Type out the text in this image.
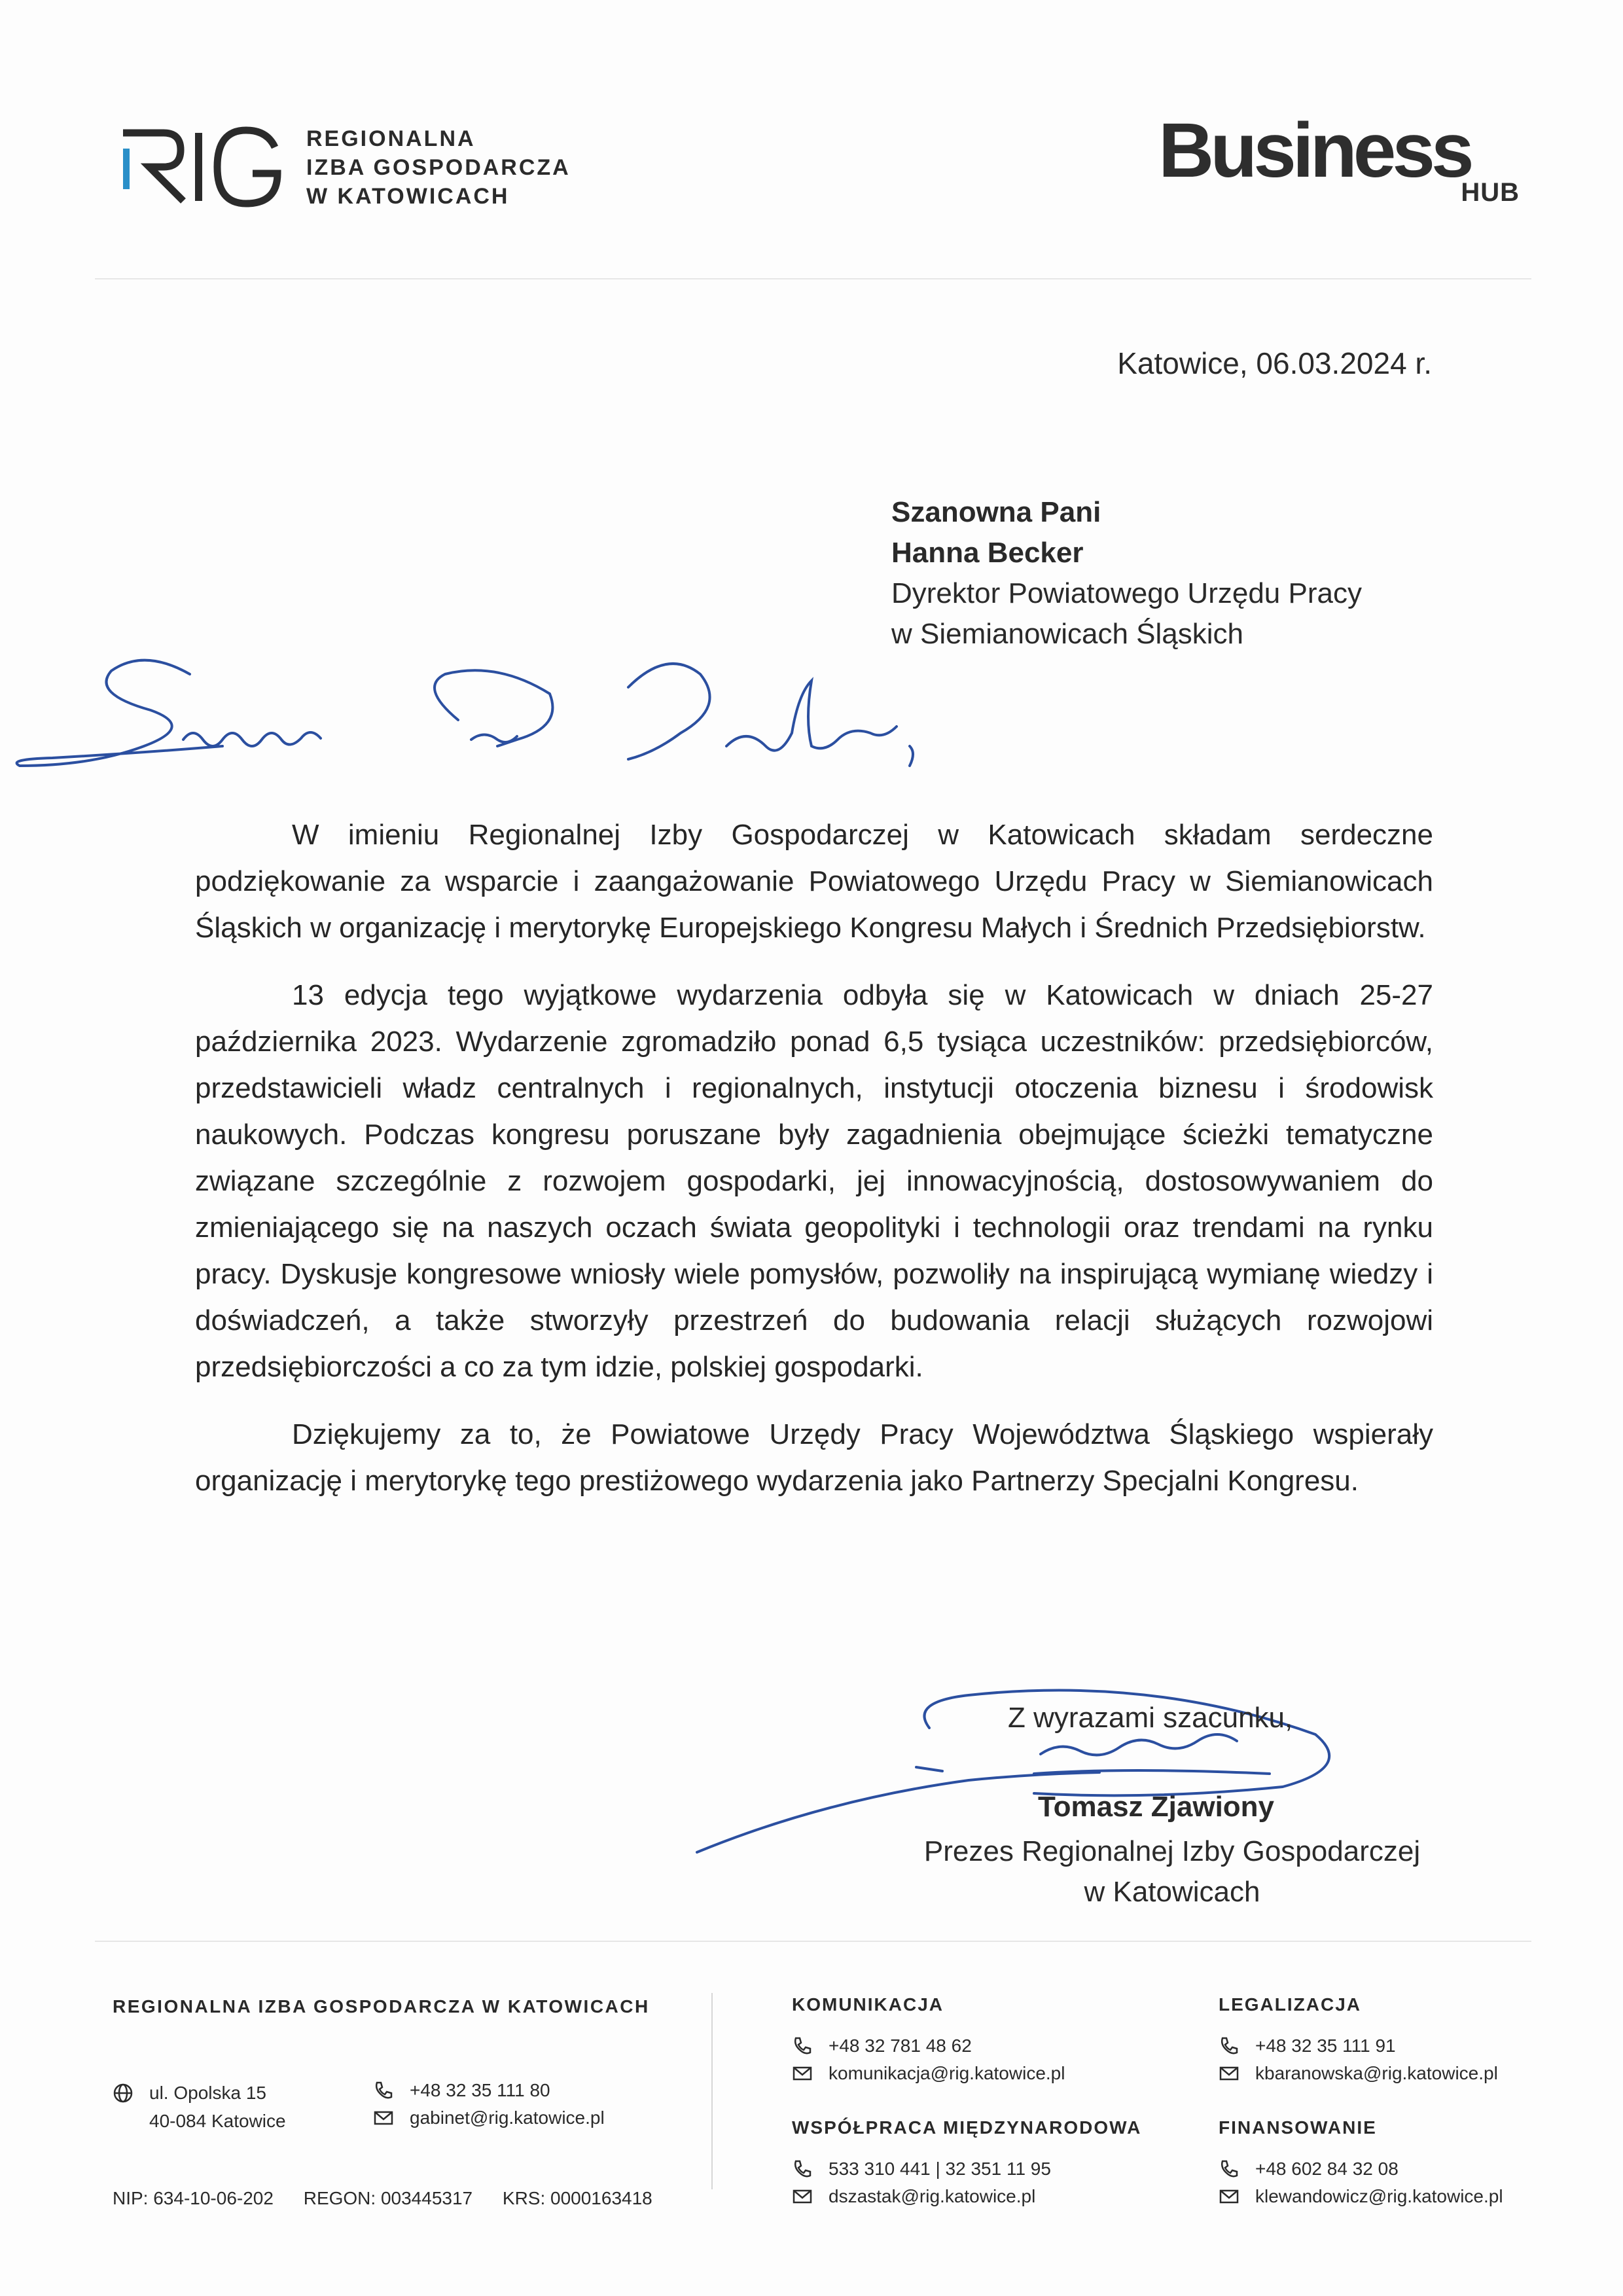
REGIONALNA
IZBA GOSPODARCZA
W KATOWICACH
Business
HUB
Katowice, 06.03.2024 r.
Szanowna Pani
Hanna Becker
Dyrektor Powiatowego Urzędu Pracy
w Siemianowicach Śląskich

W imieniu Regionalnej Izby Gospodarczej w Katowicach składam serdeczne podziękowanie za wsparcie i zaangażowanie Powiatowego Urzędu Pracy w Siemianowicach Śląskich w organizację i merytorykę Europejskiego Kongresu Małych i Średnich Przedsiębiorstw.

13 edycja tego wyjątkowe wydarzenia odbyła się w Katowicach w dniach 25-27 października 2023. Wydarzenie zgromadziło ponad 6,5 tysiąca uczestników: przedsiębiorców, przedstawicieli władz centralnych i regionalnych, instytucji otoczenia biznesu i środowisk naukowych. Podczas kongresu poruszane były zagadnienia obejmujące ścieżki tematyczne związane szczególnie z rozwojem gospodarki, jej innowacyjnością, dostosowywaniem do zmieniającego się na naszych oczach świata geopolityki i technologii oraz trendami na rynku pracy. Dyskusje kongresowe wniosły wiele pomysłów, pozwoliły na inspirującą wymianę wiedzy i doświadczeń, a także stworzyły przestrzeń do budowania relacji służących rozwojowi przedsiębiorczości a co za tym idzie, polskiej gospodarki.

Dziękujemy za to, że Powiatowe Urzędy Pracy Województwa Śląskiego wspierały organizację i merytorykę tego prestiżowego wydarzenia jako Partnerzy Specjalni Kongresu.

Z wyrazami szacunku,
Tomasz Zjawiony
Prezes Regionalnej Izby Gospodarczej
w Katowicach
REGIONALNA IZBA GOSPODARCZA W KATOWICACH
ul. Opolska 15
40-084 Katowice
+48 32 35 111 80
gabinet@rig.katowice.pl
NIP: 634-10-06-202 REGON: 003445317 KRS: 0000163418
KOMUNIKACJA
+48 32 781 48 62
komunikacja@rig.katowice.pl
WSPÓŁPRACA MIĘDZYNARODOWA
533 310 441 | 32 351 11 95
dszastak@rig.katowice.pl
LEGALIZACJA
+48 32 35 111 91
kbaranowska@rig.katowice.pl
FINANSOWANIE
+48 602 84 32 08
klewandowicz@rig.katowice.pl
